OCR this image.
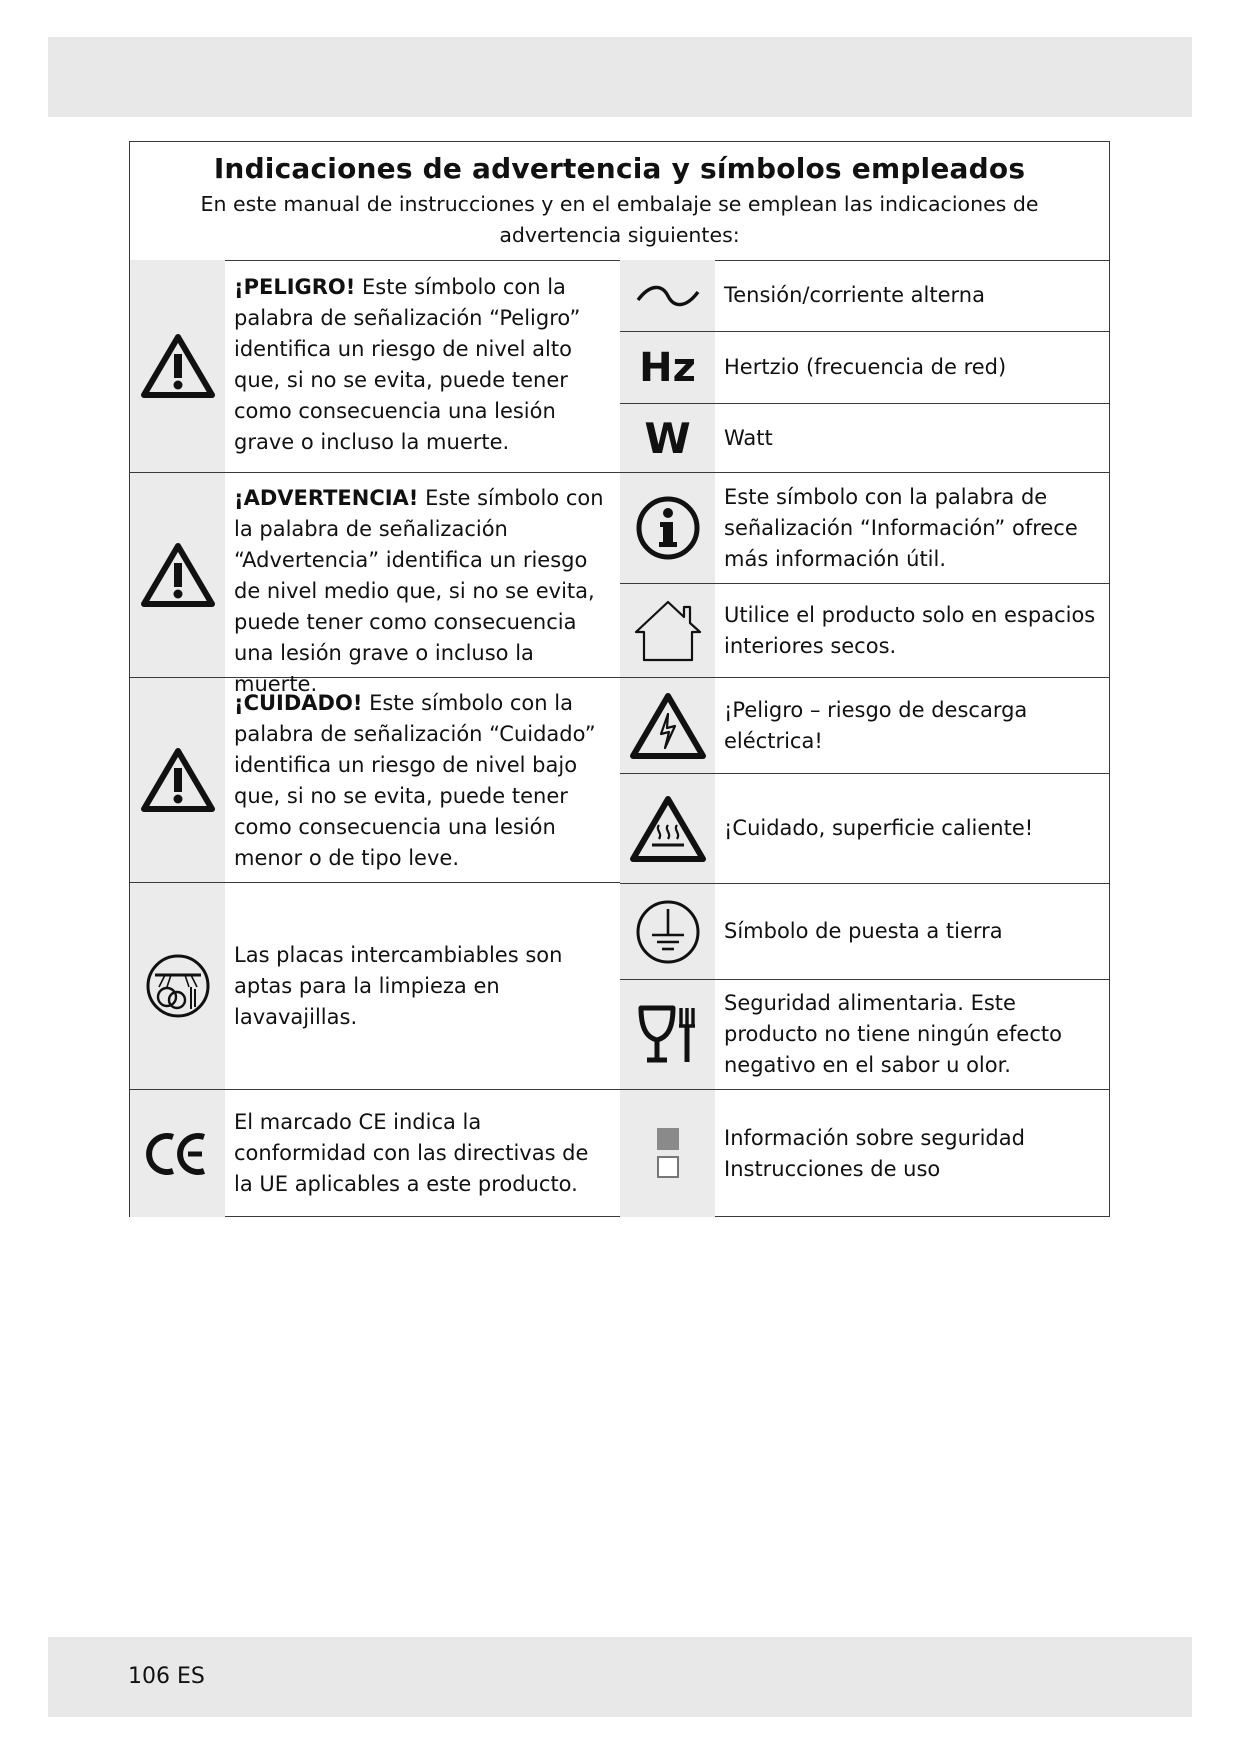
Indicaciones de advertencia y símbolos empleados
En este manual de instrucciones y en el embalaje se emplean las indicaciones de advertencia siguientes:
¡PELIGRO! Este símbolo con la palabra de señalización “Peligro” identifica un riesgo de nivel alto que, si no se evita, puede tener como consecuencia una lesión grave o incluso la muerte.
¡ADVERTENCIA! Este símbolo con la palabra de señalización “Advertencia” identifica un riesgo de nivel medio que, si no se evita, puede tener como consecuencia una lesión grave o incluso la muerte.
¡CUIDADO! Este símbolo con la palabra de señalización “Cuidado” identifica un riesgo de nivel bajo que, si no se evita, puede tener como consecuencia una lesión menor o de tipo leve.
Las placas intercambiables son aptas para la limpieza en lavavajillas.
El marcado CE indica la conformidad con las directivas de la UE aplicables a este producto.
Tensión/corriente alterna
Hz Hertzio (frecuencia de red)
W Watt
Este símbolo con la palabra de señalización “Información” ofrece más información útil.
Utilice el producto solo en espacios interiores secos.
¡Peligro – riesgo de descarga eléctrica!
¡Cuidado, superficie caliente!
Símbolo de puesta a tierra
Seguridad alimentaria. Este producto no tiene ningún efecto negativo en el sabor u olor.
Información sobre seguridad
Instrucciones de uso
106 ES
